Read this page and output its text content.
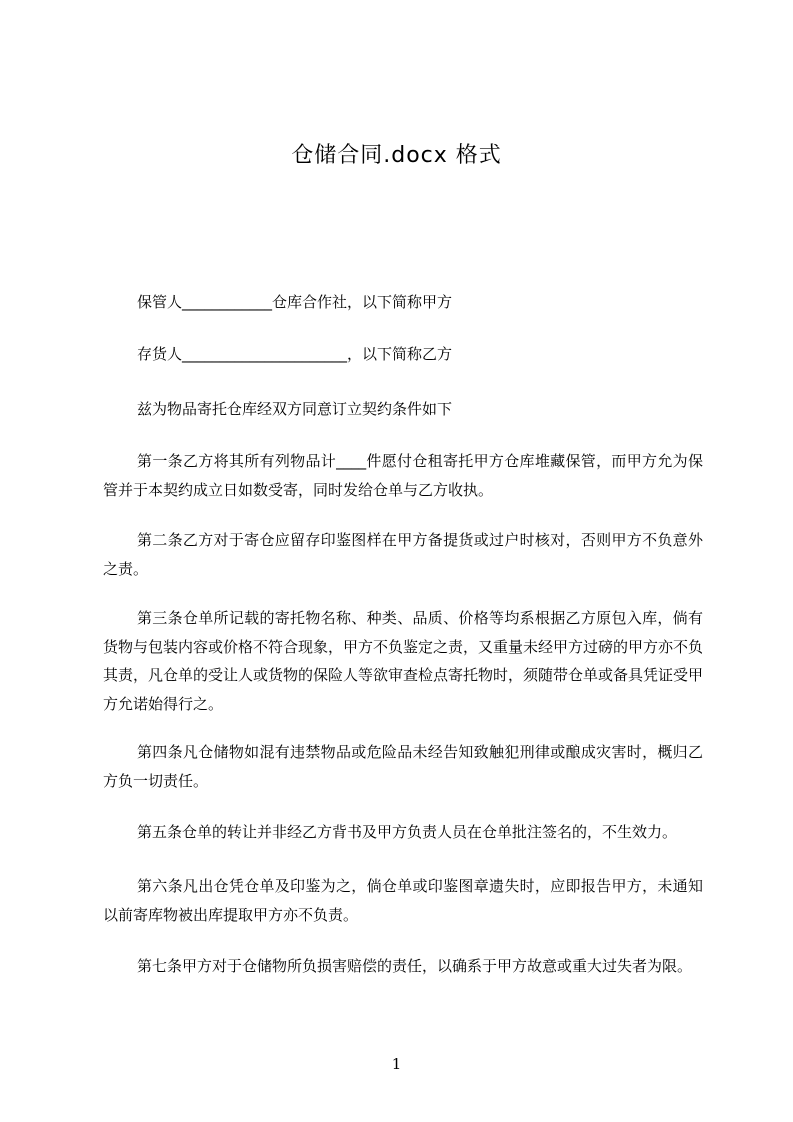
仓储合同.docx 格式
保管人____________仓库合作社，以下简称甲方
存货人______________________，以下简称乙方
兹为物品寄托仓库经双方同意订立契约条件如下
第一条乙方将其所有列物品计____件愿付仓租寄托甲方仓库堆藏保管，而甲方允为保管并于本契约成立日如数受寄，同时发给仓单与乙方收执。
第二条乙方对于寄仓应留存印鉴图样在甲方备提货或过户时核对，否则甲方不负意外之责。
第三条仓单所记载的寄托物名称、种类、品质、价格等均系根据乙方原包入库，倘有货物与包装内容或价格不符合现象，甲方不负鉴定之责，又重量未经甲方过磅的甲方亦不负其责，凡仓单的受让人或货物的保险人等欲审查检点寄托物时，须随带仓单或备具凭证受甲方允诺始得行之。
第四条凡仓储物如混有违禁物品或危险品未经告知致触犯刑律或酿成灾害时，概归乙方负一切责任。
第五条仓单的转让并非经乙方背书及甲方负责人员在仓单批注签名的，不生效力。
第六条凡出仓凭仓单及印鉴为之，倘仓单或印鉴图章遗失时，应即报告甲方，未通知以前寄库物被出库提取甲方亦不负责。
第七条甲方对于仓储物所负损害赔偿的责任，以确系于甲方故意或重大过失者为限。
1
